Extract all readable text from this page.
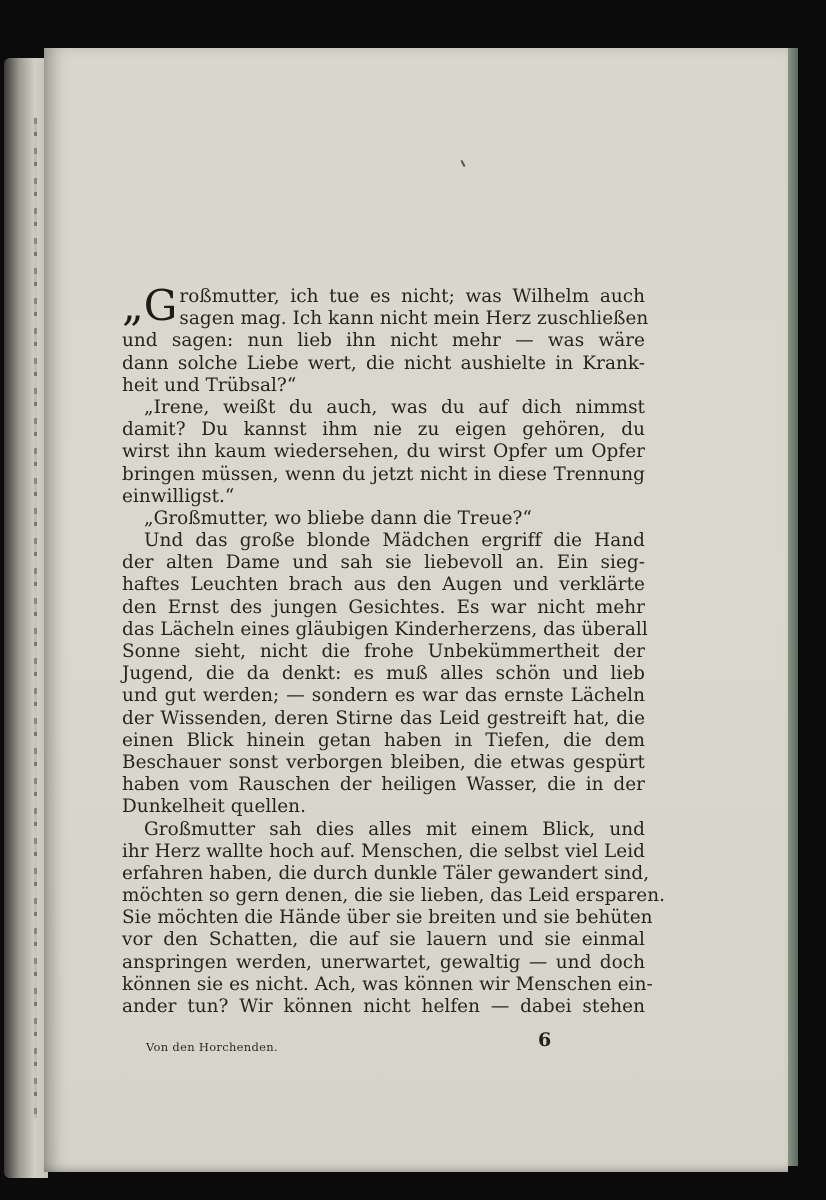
„G roßmutter, ich tue es nicht; was Wilhelm auch
sagen mag. Ich kann nicht mein Herz zuschließen
und sagen: nun lieb ihn nicht mehr — was wäre
dann solche Liebe wert, die nicht aushielte in Krank-
heit und Trübsal?“
„Irene, weißt du auch, was du auf dich nimmst
damit? Du kannst ihm nie zu eigen gehören, du
wirst ihn kaum wiedersehen, du wirst Opfer um Opfer
bringen müssen, wenn du jetzt nicht in diese Trennung
einwilligst.“
„Großmutter, wo bliebe dann die Treue?“
Und das große blonde Mädchen ergriff die Hand
der alten Dame und sah sie liebevoll an. Ein sieg-
haftes Leuchten brach aus den Augen und verklärte
den Ernst des jungen Gesichtes. Es war nicht mehr
das Lächeln eines gläubigen Kinderherzens, das überall
Sonne sieht, nicht die frohe Unbekümmertheit der
Jugend, die da denkt: es muß alles schön und lieb
und gut werden; — sondern es war das ernste Lächeln
der Wissenden, deren Stirne das Leid gestreift hat, die
einen Blick hinein getan haben in Tiefen, die dem
Beschauer sonst verborgen bleiben, die etwas gespürt
haben vom Rauschen der heiligen Wasser, die in der
Dunkelheit quellen.
Großmutter sah dies alles mit einem Blick, und
ihr Herz wallte hoch auf. Menschen, die selbst viel Leid
erfahren haben, die durch dunkle Täler gewandert sind,
möchten so gern denen, die sie lieben, das Leid ersparen.
Sie möchten die Hände über sie breiten und sie behüten
vor den Schatten, die auf sie lauern und sie einmal
anspringen werden, unerwartet, gewaltig — und doch
können sie es nicht. Ach, was können wir Menschen ein-
ander tun? Wir können nicht helfen — dabei stehen
Von den Horchenden.	6
